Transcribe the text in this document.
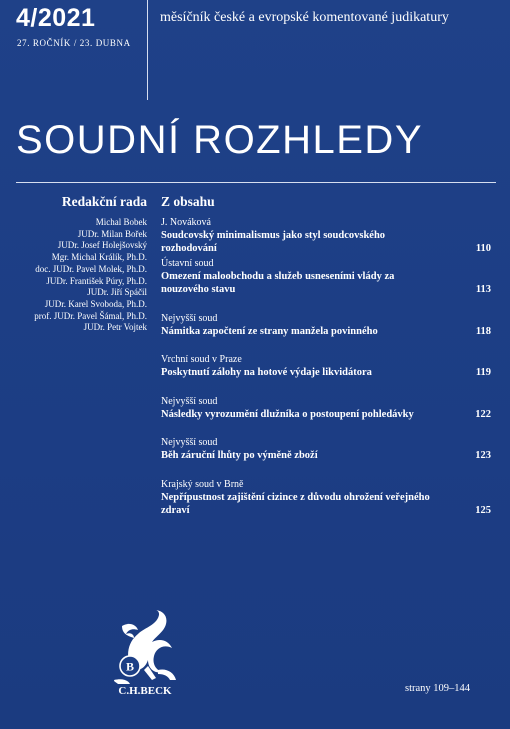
4/2021
27. ROČNÍK / 23. DUBNA
měsíčník české a evropské komentované judikatury
SOUDNÍ ROZHLEDY
Redakční rada
Michal Bobek
JUDr. Milan Bořek
JUDr. Josef Holejšovský
Mgr. Michal Králík, Ph.D.
doc. JUDr. Pavel Molek, Ph.D.
JUDr. František Púry, Ph.D.
JUDr. Jiří Spáčil
JUDr. Karel Svoboda, Ph.D.
prof. JUDr. Pavel Šámal, Ph.D.
JUDr. Petr Vojtek
Z obsahu
J. Nováková
Soudcovský minimalismus jako styl soudcovského rozhodování	110
Ústavní soud
Omezení maloobchodu a služeb usneseními vlády za nouzového stavu	113
Nejvyšší soud
Námitka započtení ze strany manžela povinného	118
Vrchní soud v Praze
Poskytnutí zálohy na hotové výdaje likvidátora	119
Nejvyšší soud
Následky vyrozumění dlužníka o postoupení pohledávky	122
Nejvyšší soud
Běh záruční lhůty po výměně zboží	123
Krajský soud v Brně
Nepřípustnost zajištění cizince z důvodu ohrožení veřejného zdraví	125
B
C.H.BECK	strany 109–144
